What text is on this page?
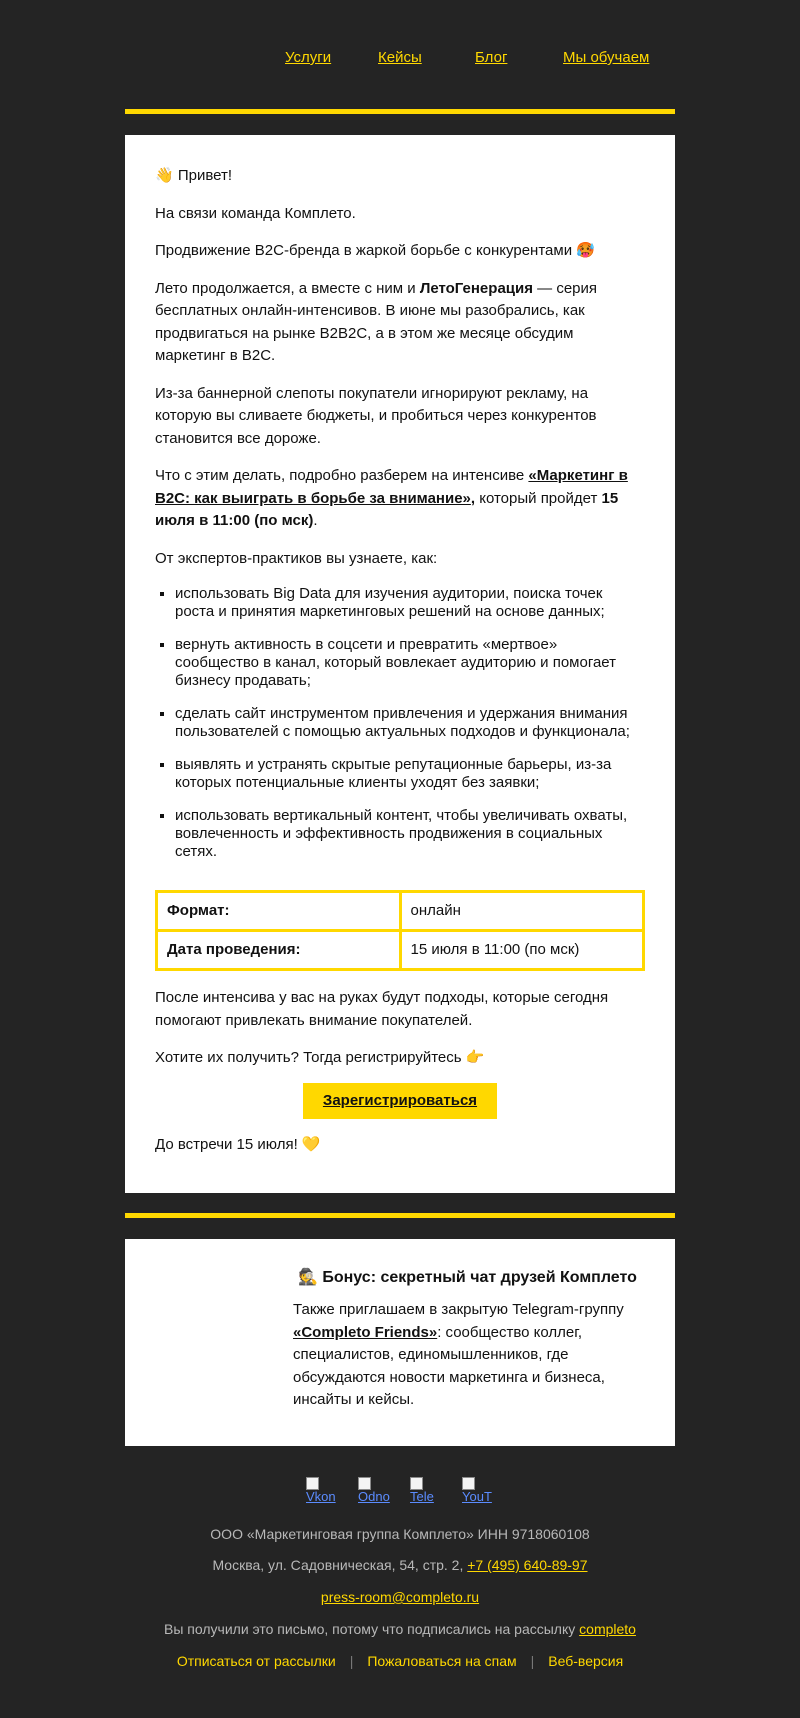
Услуги	Кейсы	Блог	Мы обучаем

👋 Привет!

На связи команда Комплето.

Продвижение B2C-бренда в жаркой борьбе с конкурентами 🥵

Лето продолжается, а вместе с ним и ЛетоГенерация — серия бесплатных онлайн-интенсивов. В июне мы разобрались, как продвигаться на рынке B2B2C, а в этом же месяце обсудим маркетинг в B2C.

Из-за баннерной слепоты покупатели игнорируют рекламу, на которую вы сливаете бюджеты, и пробиться через конкурентов становится все дороже.

Что с этим делать, подробно разберем на интенсиве «Маркетинг в B2C: как выиграть в борьбе за внимание», который пройдет 15 июля в 11:00 (по мск).

От экспертов-практиков вы узнаете, как:

▪ использовать Big Data для изучения аудитории, поиска точек роста и принятия маркетинговых решений на основе данных;
▪ вернуть активность в соцсети и превратить «мертвое» сообщество в канал, который вовлекает аудиторию и помогает бизнесу продавать;
▪ сделать сайт инструментом привлечения и удержания внимания пользователей с помощью актуальных подходов и функционала;
▪ выявлять и устранять скрытые репутационные барьеры, из-за которых потенциальные клиенты уходят без заявки;
▪ использовать вертикальный контент, чтобы увеличивать охваты, вовлеченность и эффективность продвижения в социальных сетях.
Формат:	онлайн
Дата проведения:	15 июля в 11:00 (по мск)

После интенсива у вас на руках будут подходы, которые сегодня помогают привлекать внимание покупателей.

Хотите их получить? Тогда регистрируйтесь 👉

Зарегистрироваться

До встречи 15 июля! 💛

🕵️ Бонус: секретный чат друзей Комплето

Также приглашаем в закрытую Telegram-группу «Completo Friends»: сообщество коллег, специалистов, единомышленников, где обсуждаются новости маркетинга и бизнеса, инсайты и кейсы.

Vkon	Odno Tele	YouT
ООО «Маркетинговая группа Комплето» ИНН 9718060108
Москва, ул. Садовническая, 54, стр. 2, +7 (495) 640-89-97
press-room@completo.ru
Вы получили это письмо, потому что подписались на рассылку completo
Отписаться от рассылки | Пожаловаться на спам | Веб-версия
